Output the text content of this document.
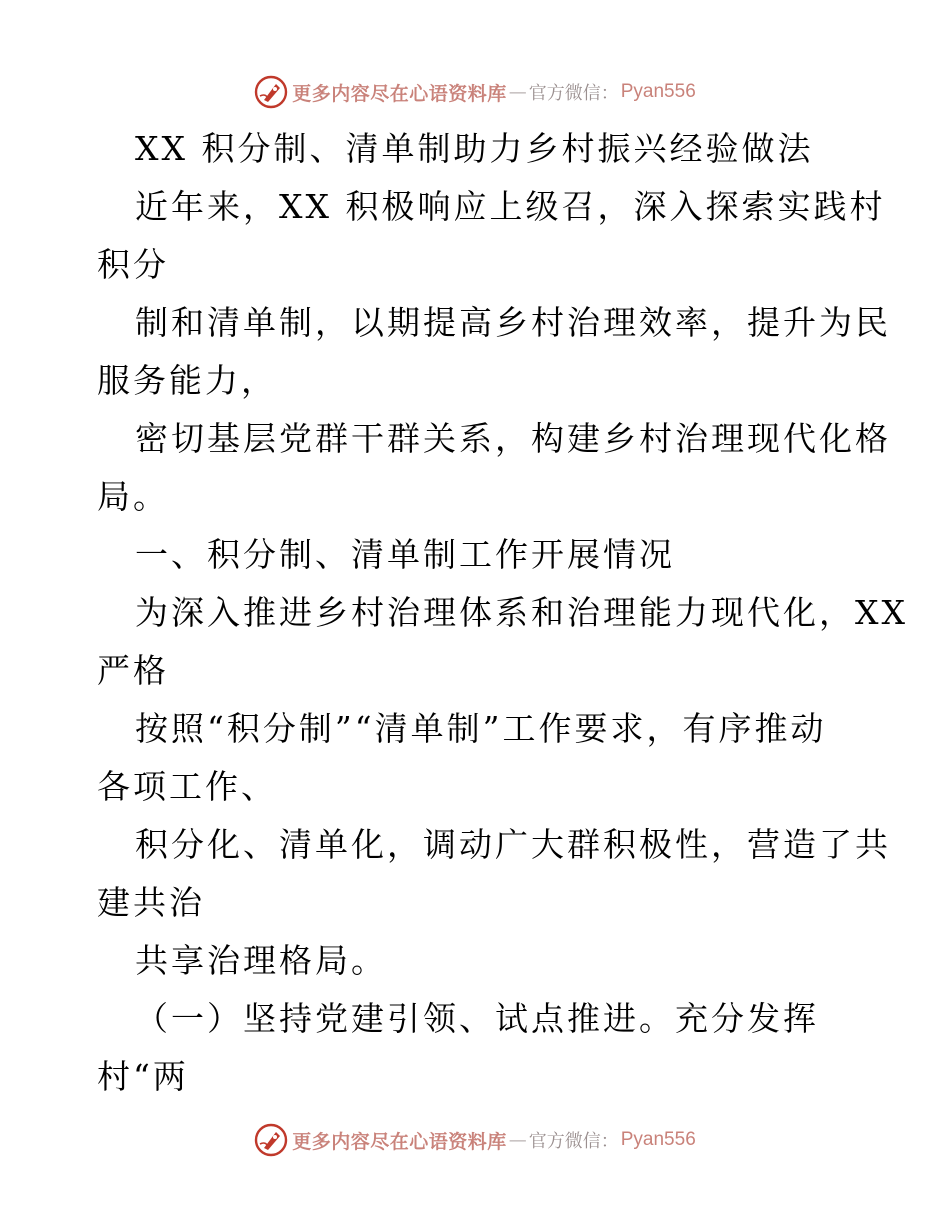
更多内容尽在心语资料库 — 官方微信： Pyan556
XX 积分制、清单制助力乡村振兴经验做法
近年来，XX 积极响应上级召，深入探索实践村
积分
制和清单制，以期提高乡村治理效率，提升为民
服务能力，
密切基层党群干群关系，构建乡村治理现代化格
局。
一、积分制、清单制工作开展情况
为深入推进乡村治理体系和治理能力现代化，XX
严格
按照“积分制”“清单制”工作要求，有序推动
各项工作、
积分化、清单化，调动广大群积极性，营造了共
建共治
共享治理格局。
（一）坚持党建引领、试点推进。充分发挥
村“两
更多内容尽在心语资料库 — 官方微信： Pyan556
